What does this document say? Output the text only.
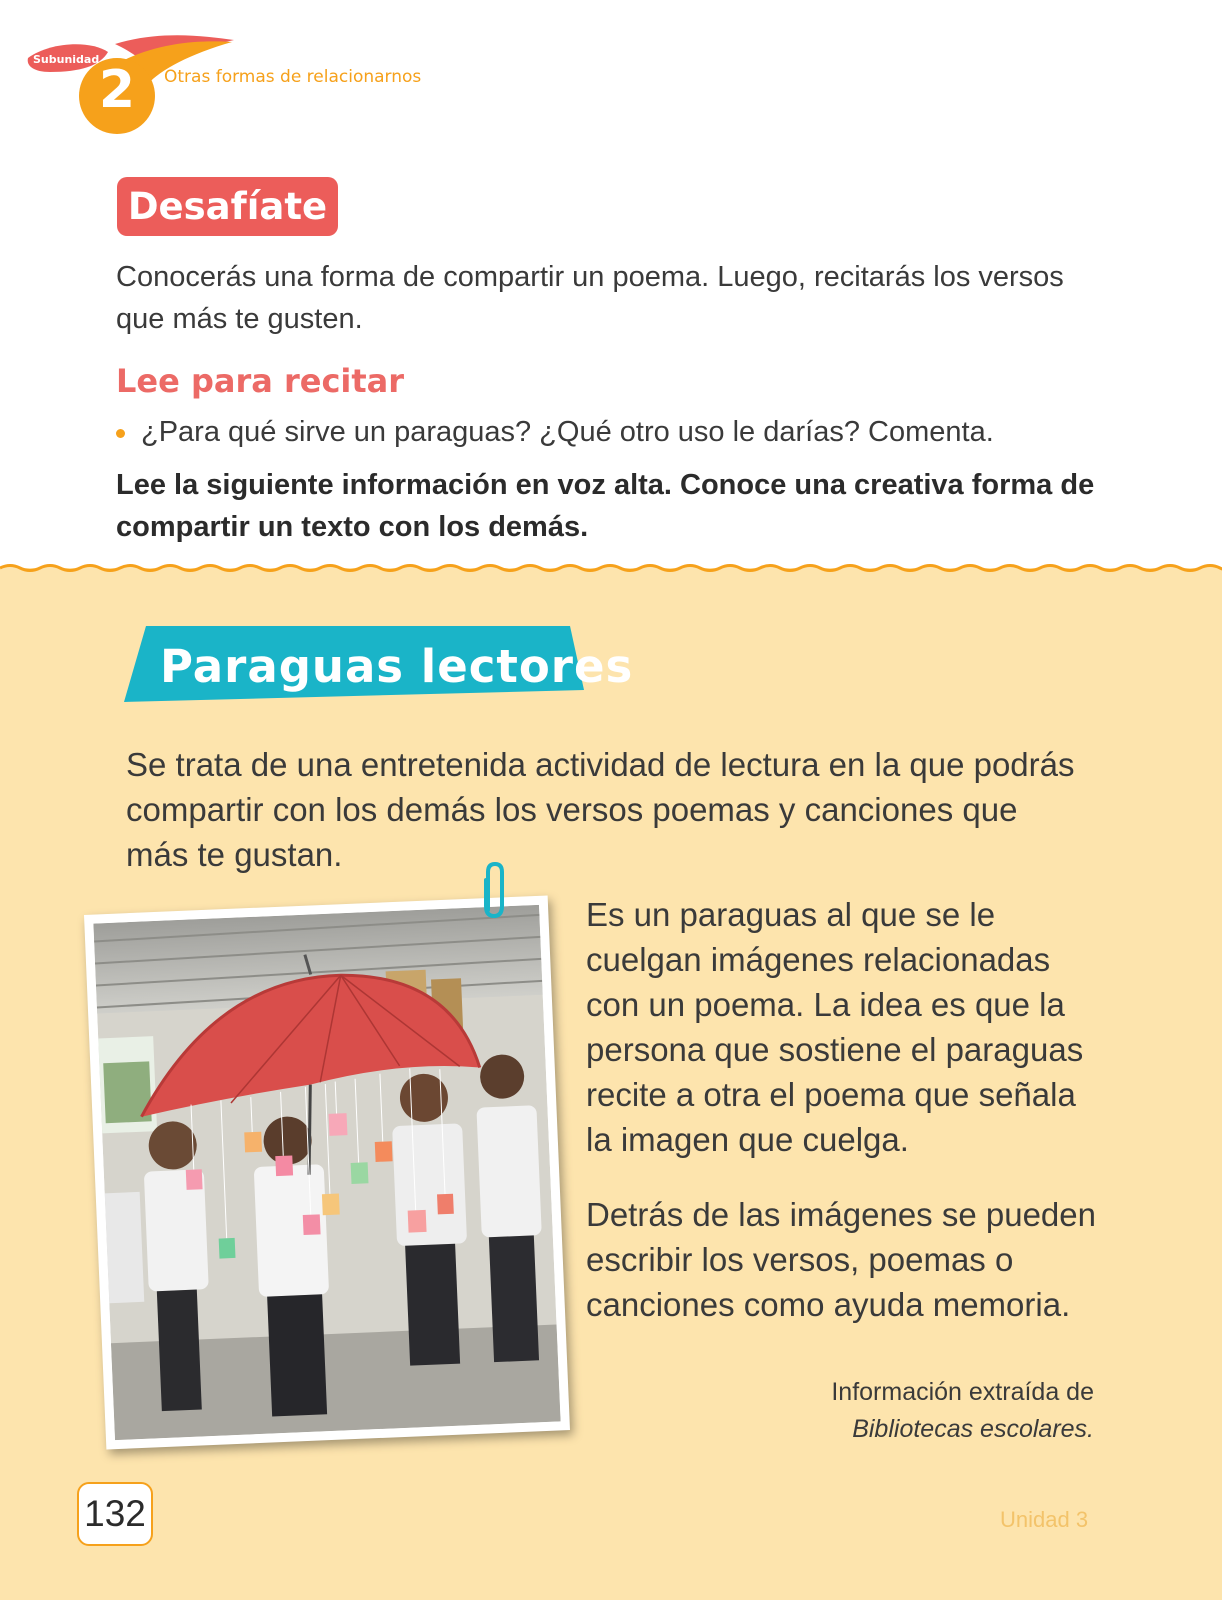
Subunidad
2	Otras formas de relacionarnos
Desafíate
Conocerás una forma de compartir un poema. Luego, recitarás los versos que más te gusten.
Lee para recitar
¿Para qué sirve un paraguas? ¿Qué otro uso le darías? Comenta.
Lee la siguiente información en voz alta. Conoce una creativa forma de compartir un texto con los demás.
Paraguas lectores
Se trata de una entretenida actividad de lectura en la que podrás compartir con los demás los versos poemas y canciones que más te gustan.
Es un paraguas al que se le cuelgan imágenes relacionadas con un poema. La idea es que la persona que sostiene el paraguas recite a otra el poema que señala la imagen que cuelga.
Detrás de las imágenes se pueden escribir los versos, poemas o canciones como ayuda memoria.
Información extraída de
Bibliotecas escolares.
132	Unidad 3
